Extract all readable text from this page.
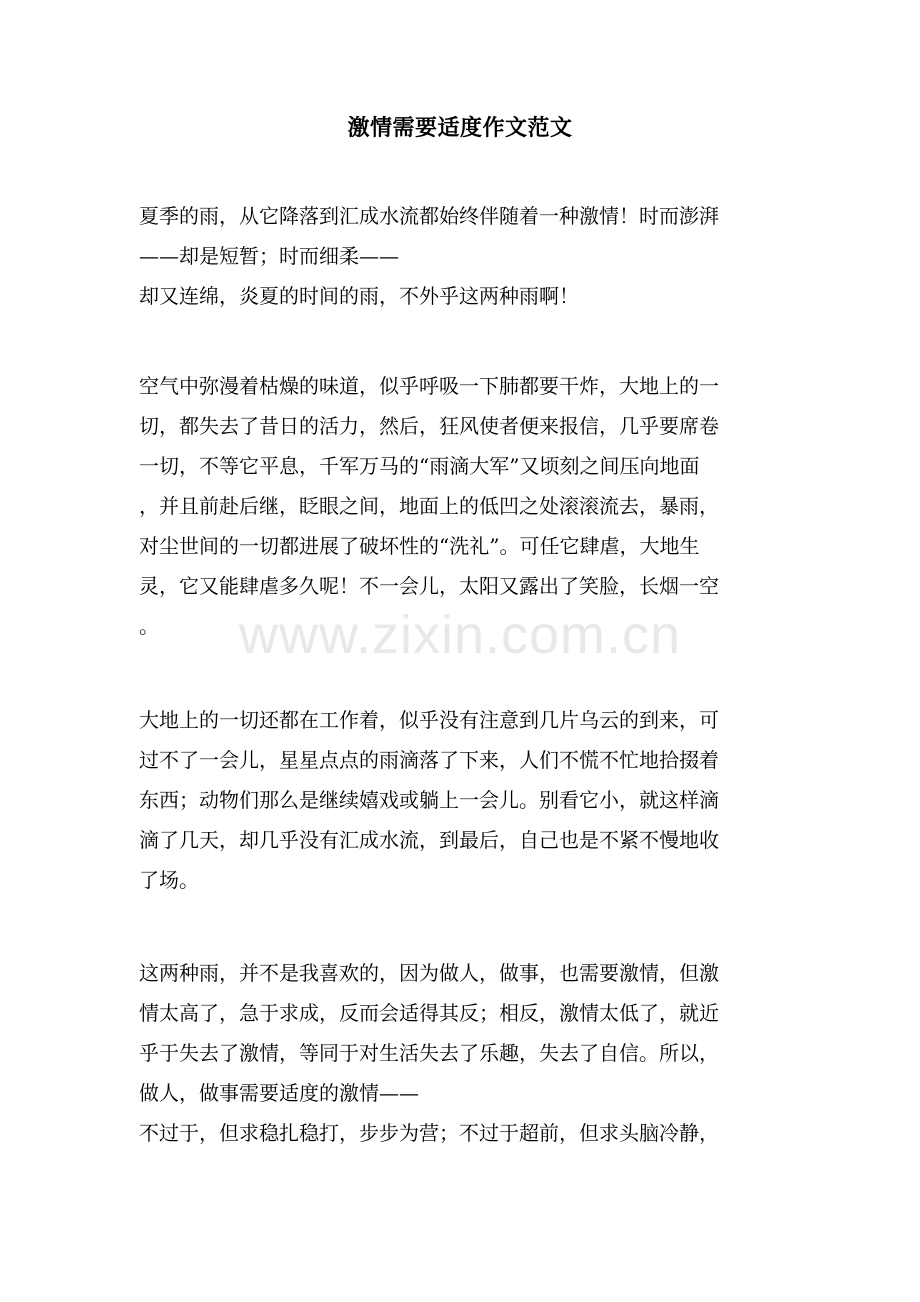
激情需要适度作文范文
夏季的雨，从它降落到汇成水流都始终伴随着一种激情！时而澎湃
——却是短暂；时而细柔——
却又连绵，炎夏的时间的雨，不外乎这两种雨啊！
空气中弥漫着枯燥的味道，似乎呼吸一下肺都要干炸，大地上的一
切，都失去了昔日的活力，然后，狂风使者便来报信，几乎要席卷
一切，不等它平息，千军万马的“雨滴大军”又顷刻之间压向地面
，并且前赴后继，眨眼之间，地面上的低凹之处滚滚流去，暴雨，
对尘世间的一切都进展了破坏性的“洗礼”。可任它肆虐，大地生
灵，它又能肆虐多久呢！不一会儿，太阳又露出了笑脸，长烟一空
。
大地上的一切还都在工作着，似乎没有注意到几片乌云的到来，可
过不了一会儿，星星点点的雨滴落了下来，人们不慌不忙地拾掇着
东西；动物们那么是继续嬉戏或躺上一会儿。别看它小，就这样滴
滴了几天，却几乎没有汇成水流，到最后，自己也是不紧不慢地收
了场。
这两种雨，并不是我喜欢的，因为做人，做事，也需要激情，但激
情太高了，急于求成，反而会适得其反；相反，激情太低了，就近
乎于失去了激情，等同于对生活失去了乐趣，失去了自信。所以，
做人，做事需要适度的激情——
不过于，但求稳扎稳打，步步为营；不过于超前，但求头脑冷静，
www.zixin.com.cn
